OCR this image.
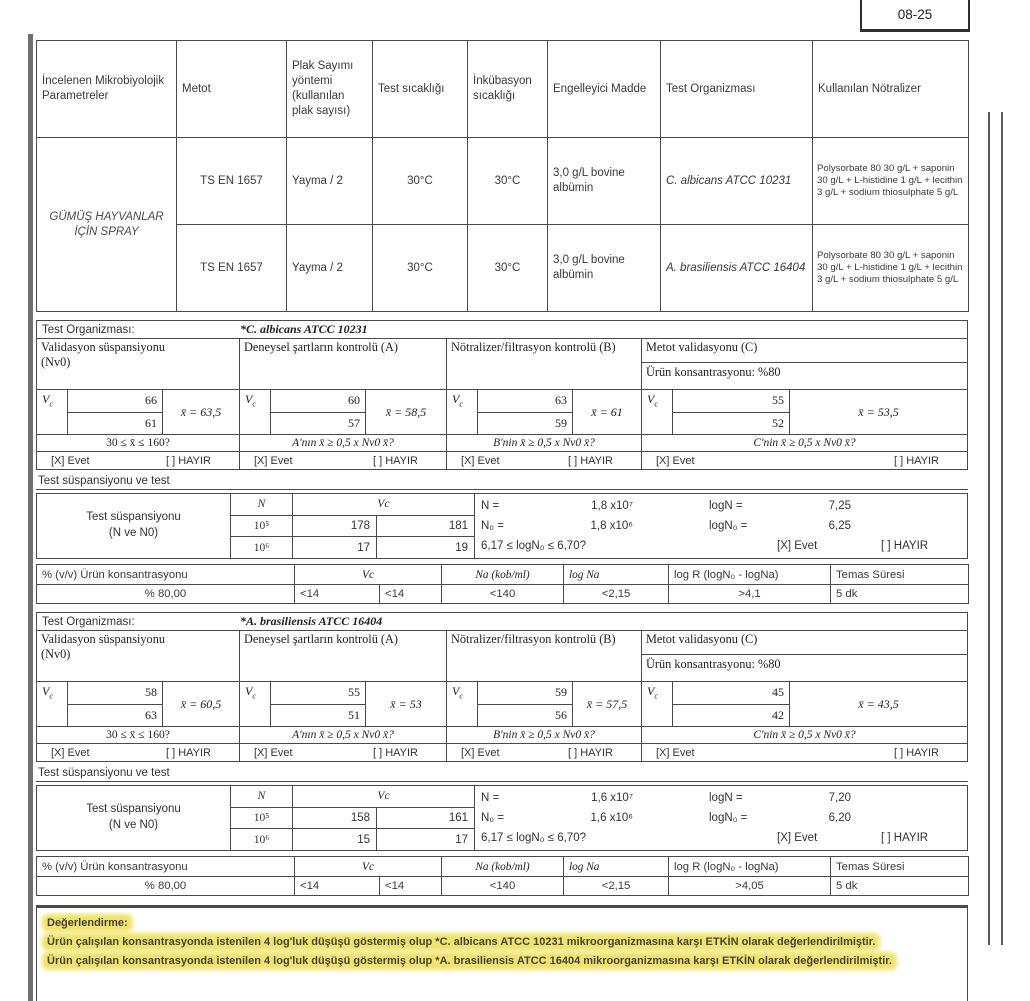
08-25
İncelenen Mikrobiyolojik Parametreler	Metot	Plak Sayımı yöntemi (kullanılan plak sayısı)	Test sıcaklığı	İnkübasyon sıcaklığı	Engelleyici Madde	Test Organizması	Kullanılan Nötralizer
GÜMÜŞ HAYVANLAR İÇİN SPRAY	TS EN 1657	Yayma / 2	30°C	30°C	3,0 g/L bovine albümin	C. albicans ATCC 10231	Polysorbate 80 30 g/L + saponin 30 g/L + L-histidine 1 g/L + lecithin 3 g/L + sodium thiosulphate 5 g/L
	TS EN 1657	Yayma / 2	30°C	30°C	3,0 g/L bovine albümin	A. brasiliensis ATCC 16404	Polysorbate 80 30 g/L + saponin 30 g/L + L-histidine 1 g/L + lecithin 3 g/L + sodium thiosulphate 5 g/L
Test Organizması:	*C. albicans ATCC 10231
Validasyon süspansiyonu
(Nv0)
$V_c$	66
61
x̄ = 63,5
30 ≤ x̄ ≤ 160?
[X] Evet	[ ] HAYIR
Deneysel şartların kontrolü (A)
$V_c$	60
57
x̄ = 58,5
A'nın x̄ ≥ 0,5 x Nv0 x̄?
[X] Evet	[ ] HAYIR
Nötralizer/filtrasyon kontrolü (B)
$V_c$	63
59
x̄ = 61
B'nin x̄ ≥ 0,5 x Nv0 x̄?
[X] Evet	[ ] HAYIR
Metot validasyonu (C)
Ürün konsantrasyonu: %80
$V_c$	55
52
x̄ = 53,5
C'nin x̄ ≥ 0,5 x Nv0 x̄?
[X] Evet	[ ] HAYIR
Test süspansiyonu ve test
Test süspansiyonu
(N ve N0)
N	Vc
10⁵	178	181
10⁶	17	19
N =	1,8 x10⁷	logN =	7,25
N₀ =	1,8 x10⁶	logN₀ =	6,25
6,17 ≤ logN₀ ≤ 6,70?	[X] Evet	[ ] HAYIR
% (v/v) Ürün konsantrasyonu	Vc		Na (kob/ml)	log Na	log R (logN₀ - logNa)	Temas Süresi
% 80,00	<14	<14	<140	<2,15	>4,1	5 dk
Test Organizması:	*A. brasiliensis ATCC 16404
Validasyon süspansiyonu
(Nv0)
$V_c$	58
63
x̄ = 60,5
30 ≤ x̄ ≤ 160?
[X] Evet	[ ] HAYIR
Deneysel şartların kontrolü (A)
$V_c$	55
51
x̄ = 53
A'nın x̄ ≥ 0,5 x Nv0 x̄?
[X] Evet	[ ] HAYIR
Nötralizer/filtrasyon kontrolü (B)
$V_c$	59
56
x̄ = 57,5
B'nin x̄ ≥ 0,5 x Nv0 x̄?
[X] Evet	[ ] HAYIR
Metot validasyonu (C)
Ürün konsantrasyonu: %80
$V_c$	45
42
x̄ = 43,5
C'nin x̄ ≥ 0,5 x Nv0 x̄?
[X] Evet	[ ] HAYIR
Test süspansiyonu ve test
Test süspansiyonu
(N ve N0)
N	Vc
10⁵	158	161
10⁶	15	17
N =	1,6 x10⁷	logN =	7,20
N₀ =	1,6 x10⁶	logN₀ =	6,20
6,17 ≤ logN₀ ≤ 6,70?	[X] Evet	[ ] HAYIR
% (v/v) Ürün konsantrasyonu	Vc		Na (kob/ml)	log Na	log R (logN₀ - logNa)	Temas Süresi
% 80,00	<14	<14	<140	<2,15	>4,05	5 dk
Değerlendirme:
Ürün çalışılan konsantrasyonda istenilen 4 log'luk düşüşü göstermiş olup *C. albicans ATCC 10231 mikroorganizmasına karşı ETKİN olarak değerlendirilmiştir.
Ürün çalışılan konsantrasyonda istenilen 4 log'luk düşüşü göstermiş olup *A. brasiliensis ATCC 16404 mikroorganizmasına karşı ETKİN olarak değerlendirilmiştir.
